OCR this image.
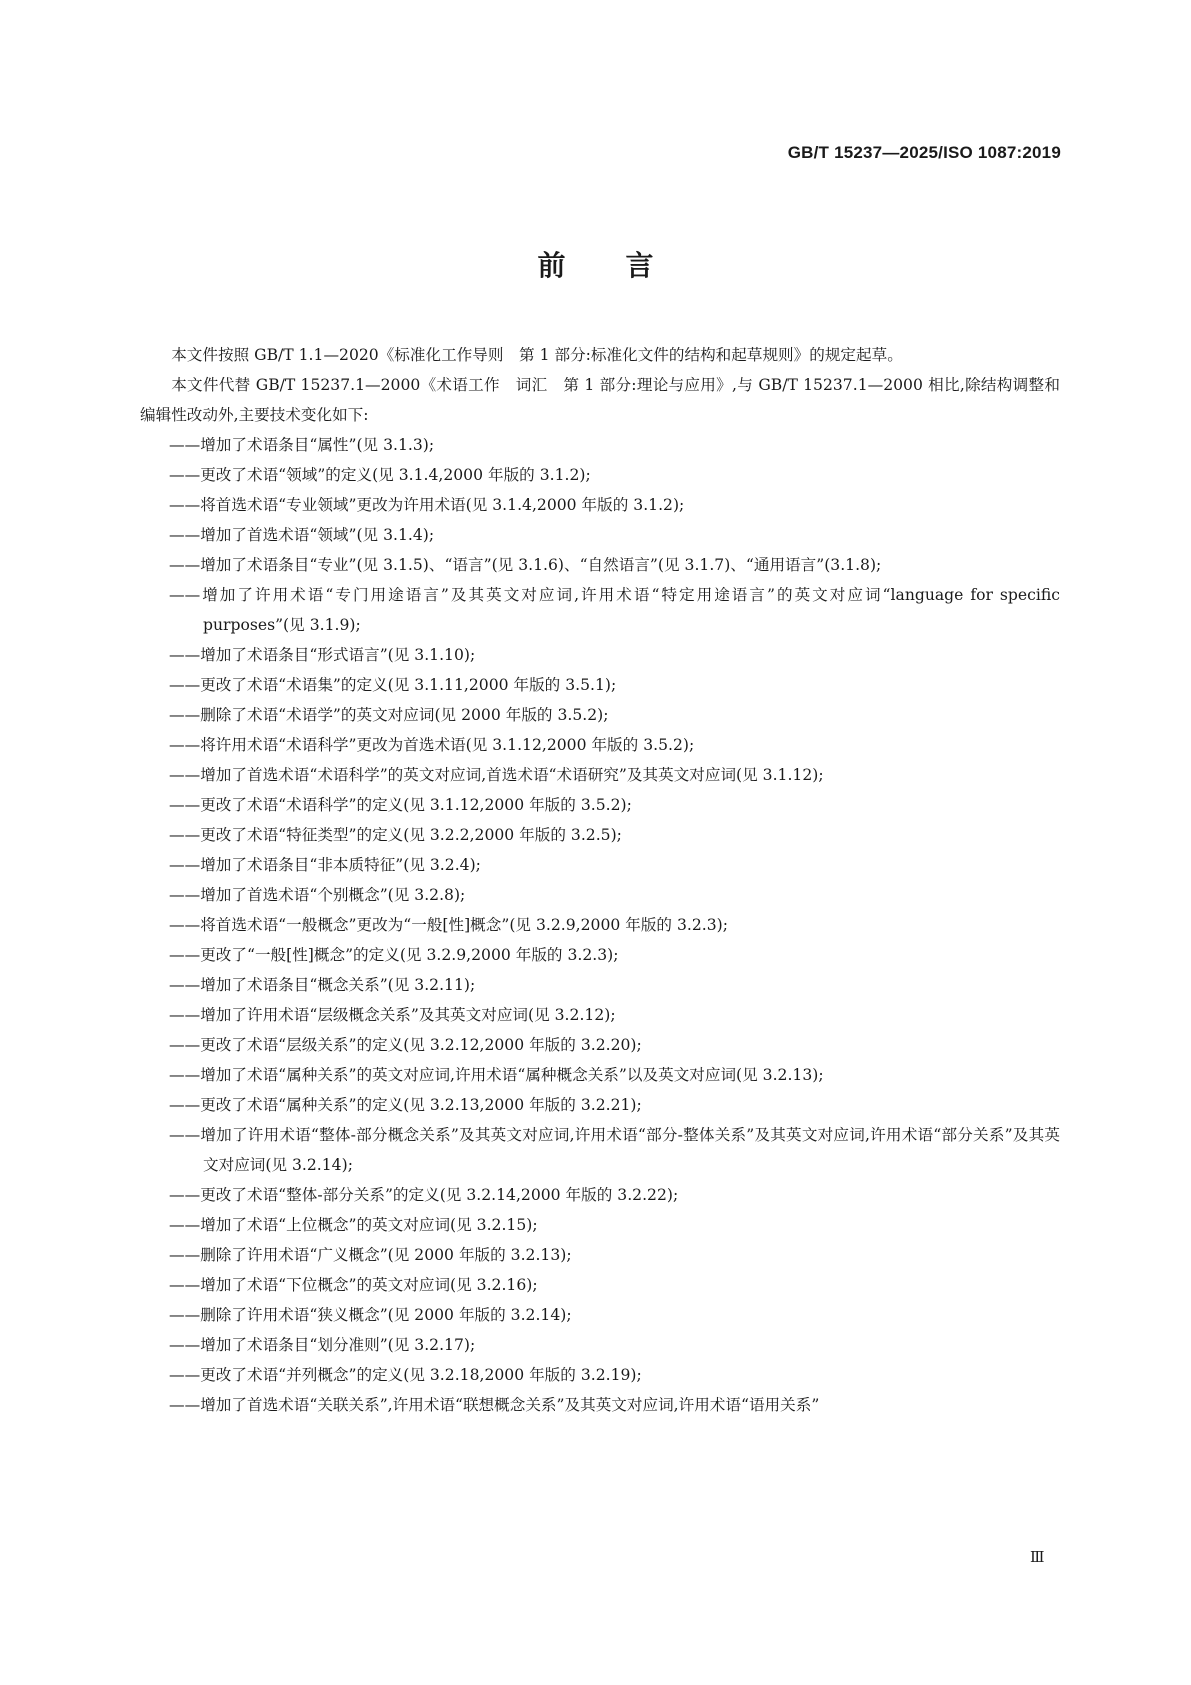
GB/T 15237—2025/ISO 1087:2019
前 言

本文件按照 GB/T 1.1—2020《标准化工作导则　第 1 部分:标准化文件的结构和起草规则》的规定起草。

本文件代替 GB/T 15237.1—2000《术语工作　词汇　第 1 部分:理论与应用》,与 GB/T 15237.1—2000 相比,除结构调整和编辑性改动外,主要技术变化如下:

——增加了术语条目“属性”(见 3.1.3);

——更改了术语“领域”的定义(见 3.1.4,2000 年版的 3.1.2);

——将首选术语“专业领域”更改为许用术语(见 3.1.4,2000 年版的 3.1.2);

——增加了首选术语“领域”(见 3.1.4);

——增加了术语条目“专业”(见 3.1.5)、“语言”(见 3.1.6)、“自然语言”(见 3.1.7)、“通用语言”(3.1.8);

——增加了许用术语“专门用途语言”及其英文对应词,许用术语“特定用途语言”的英文对应词“language for specific purposes”(见 3.1.9);

——增加了术语条目“形式语言”(见 3.1.10);

——更改了术语“术语集”的定义(见 3.1.11,2000 年版的 3.5.1);

——删除了术语“术语学”的英文对应词(见 2000 年版的 3.5.2);

——将许用术语“术语科学”更改为首选术语(见 3.1.12,2000 年版的 3.5.2);

——增加了首选术语“术语科学”的英文对应词,首选术语“术语研究”及其英文对应词(见 3.1.12);

——更改了术语“术语科学”的定义(见 3.1.12,2000 年版的 3.5.2);

——更改了术语“特征类型”的定义(见 3.2.2,2000 年版的 3.2.5);

——增加了术语条目“非本质特征”(见 3.2.4);

——增加了首选术语“个别概念”(见 3.2.8);

——将首选术语“一般概念”更改为“一般[性]概念”(见 3.2.9,2000 年版的 3.2.3);

——更改了“一般[性]概念”的定义(见 3.2.9,2000 年版的 3.2.3);

——增加了术语条目“概念关系”(见 3.2.11);

——增加了许用术语“层级概念关系”及其英文对应词(见 3.2.12);

——更改了术语“层级关系”的定义(见 3.2.12,2000 年版的 3.2.20);

——增加了术语“属种关系”的英文对应词,许用术语“属种概念关系”以及英文对应词(见 3.2.13);

——更改了术语“属种关系”的定义(见 3.2.13,2000 年版的 3.2.21);

——增加了许用术语“整体-部分概念关系”及其英文对应词,许用术语“部分-整体关系”及其英文对应词,许用术语“部分关系”及其英文对应词(见 3.2.14);

——更改了术语“整体-部分关系”的定义(见 3.2.14,2000 年版的 3.2.22);

——增加了术语“上位概念”的英文对应词(见 3.2.15);

——删除了许用术语“广义概念”(见 2000 年版的 3.2.13);

——增加了术语“下位概念”的英文对应词(见 3.2.16);

——删除了许用术语“狭义概念”(见 2000 年版的 3.2.14);

——增加了术语条目“划分准则”(见 3.2.17);

——更改了术语“并列概念”的定义(见 3.2.18,2000 年版的 3.2.19);

——增加了首选术语“关联关系”,许用术语“联想概念关系”及其英文对应词,许用术语“语用关系”

Ⅲ
